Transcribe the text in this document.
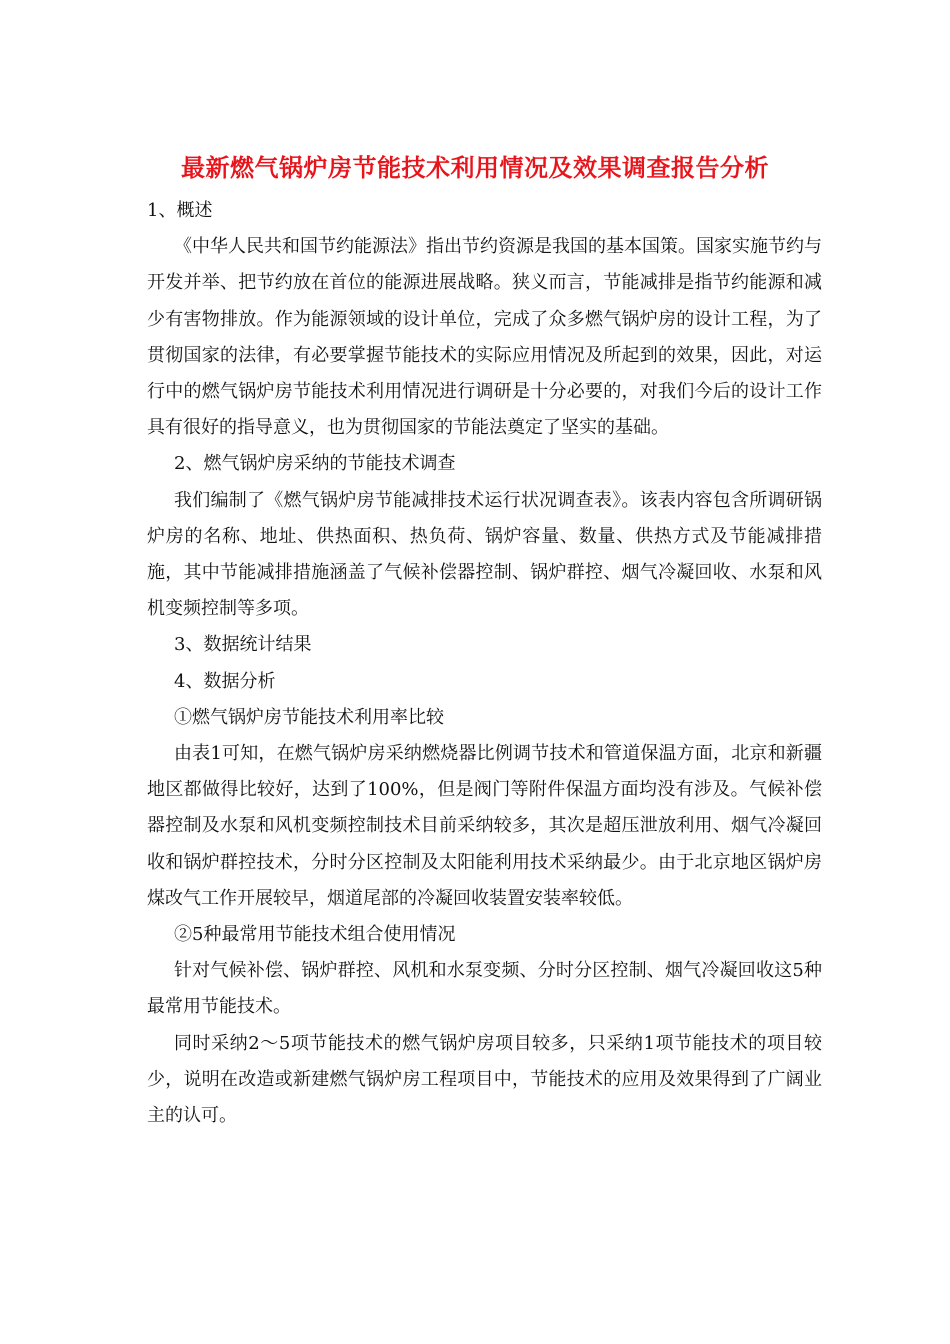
最新燃气锅炉房节能技术利用情况及效果调查报告分析

1、概述

《中华人民共和国节约能源法》指出节约资源是我国的基本国策。国家实施节约与开发并举、把节约放在首位的能源进展战略。狭义而言，节能减排是指节约能源和减少有害物排放。作为能源领域的设计单位，完成了众多燃气锅炉房的设计工程，为了贯彻国家的法律，有必要掌握节能技术的实际应用情况及所起到的效果，因此，对运行中的燃气锅炉房节能技术利用情况进行调研是十分必要的，对我们今后的设计工作具有很好的指导意义，也为贯彻国家的节能法奠定了坚实的基础。

2、燃气锅炉房采纳的节能技术调查

我们编制了《燃气锅炉房节能减排技术运行状况调查表》。该表内容包含所调研锅炉房的名称、地址、供热面积、热负荷、锅炉容量、数量、供热方式及节能减排措施，其中节能减排措施涵盖了气候补偿器控制、锅炉群控、烟气冷凝回收、水泵和风机变频控制等多项。

3、数据统计结果

4、数据分析

①燃气锅炉房节能技术利用率比较

由表1可知，在燃气锅炉房采纳燃烧器比例调节技术和管道保温方面，北京和新疆地区都做得比较好，达到了100%，但是阀门等附件保温方面均没有涉及。气候补偿器控制及水泵和风机变频控制技术目前采纳较多，其次是超压泄放利用、烟气冷凝回收和锅炉群控技术，分时分区控制及太阳能利用技术采纳最少。由于北京地区锅炉房煤改气工作开展较早，烟道尾部的冷凝回收装置安装率较低。

②5种最常用节能技术组合使用情况

针对气候补偿、锅炉群控、风机和水泵变频、分时分区控制、烟气冷凝回收这5种最常用节能技术。

同时采纳2～5项节能技术的燃气锅炉房项目较多，只采纳1项节能技术的项目较少，说明在改造或新建燃气锅炉房工程项目中，节能技术的应用及效果得到了广阔业主的认可。
